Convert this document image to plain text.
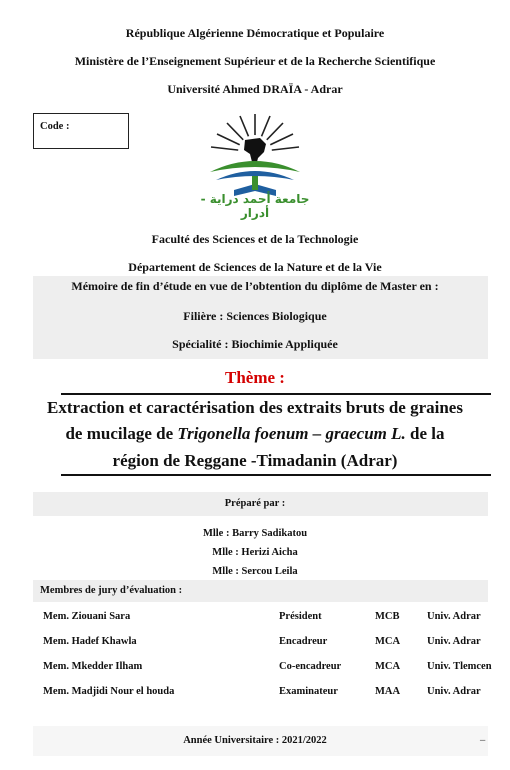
République Algérienne Démocratique et Populaire
Ministère de l’Enseignement Supérieur et de la Recherche Scientifique
Université Ahmed DRAÏA - Adrar
Code :
جامعة أحمد دراية - أدرار
Faculté des Sciences et de la Technologie
Département de Sciences de la Nature et de la Vie
Mémoire de fin d’étude en vue de l’obtention du diplôme de Master en :
Filière : Sciences Biologique
Spécialité : Biochimie Appliquée
Thème :
Extraction et caractérisation des extraits bruts de graines
de mucilage de Trigonella foenum – graecum L. de la
région de Reggane -Timadanin (Adrar)
Préparé par :
Mlle : Barry Sadikatou
Mlle : Herizi Aicha
Mlle : Sercou Leila
Membres de jury d’évaluation :
Mem. Ziouani Sara	Président	MCB	Univ. Adrar
Mem. Hadef Khawla	Encadreur	MCA	Univ. Adrar
Mem. Mkedder Ilham	Co-encadreur	MCA	Univ. Tlemcen
Mem. Madjidi Nour el houda	Examinateur	MAA	Univ. Adrar
Année Universitaire : 2021/2022	–
